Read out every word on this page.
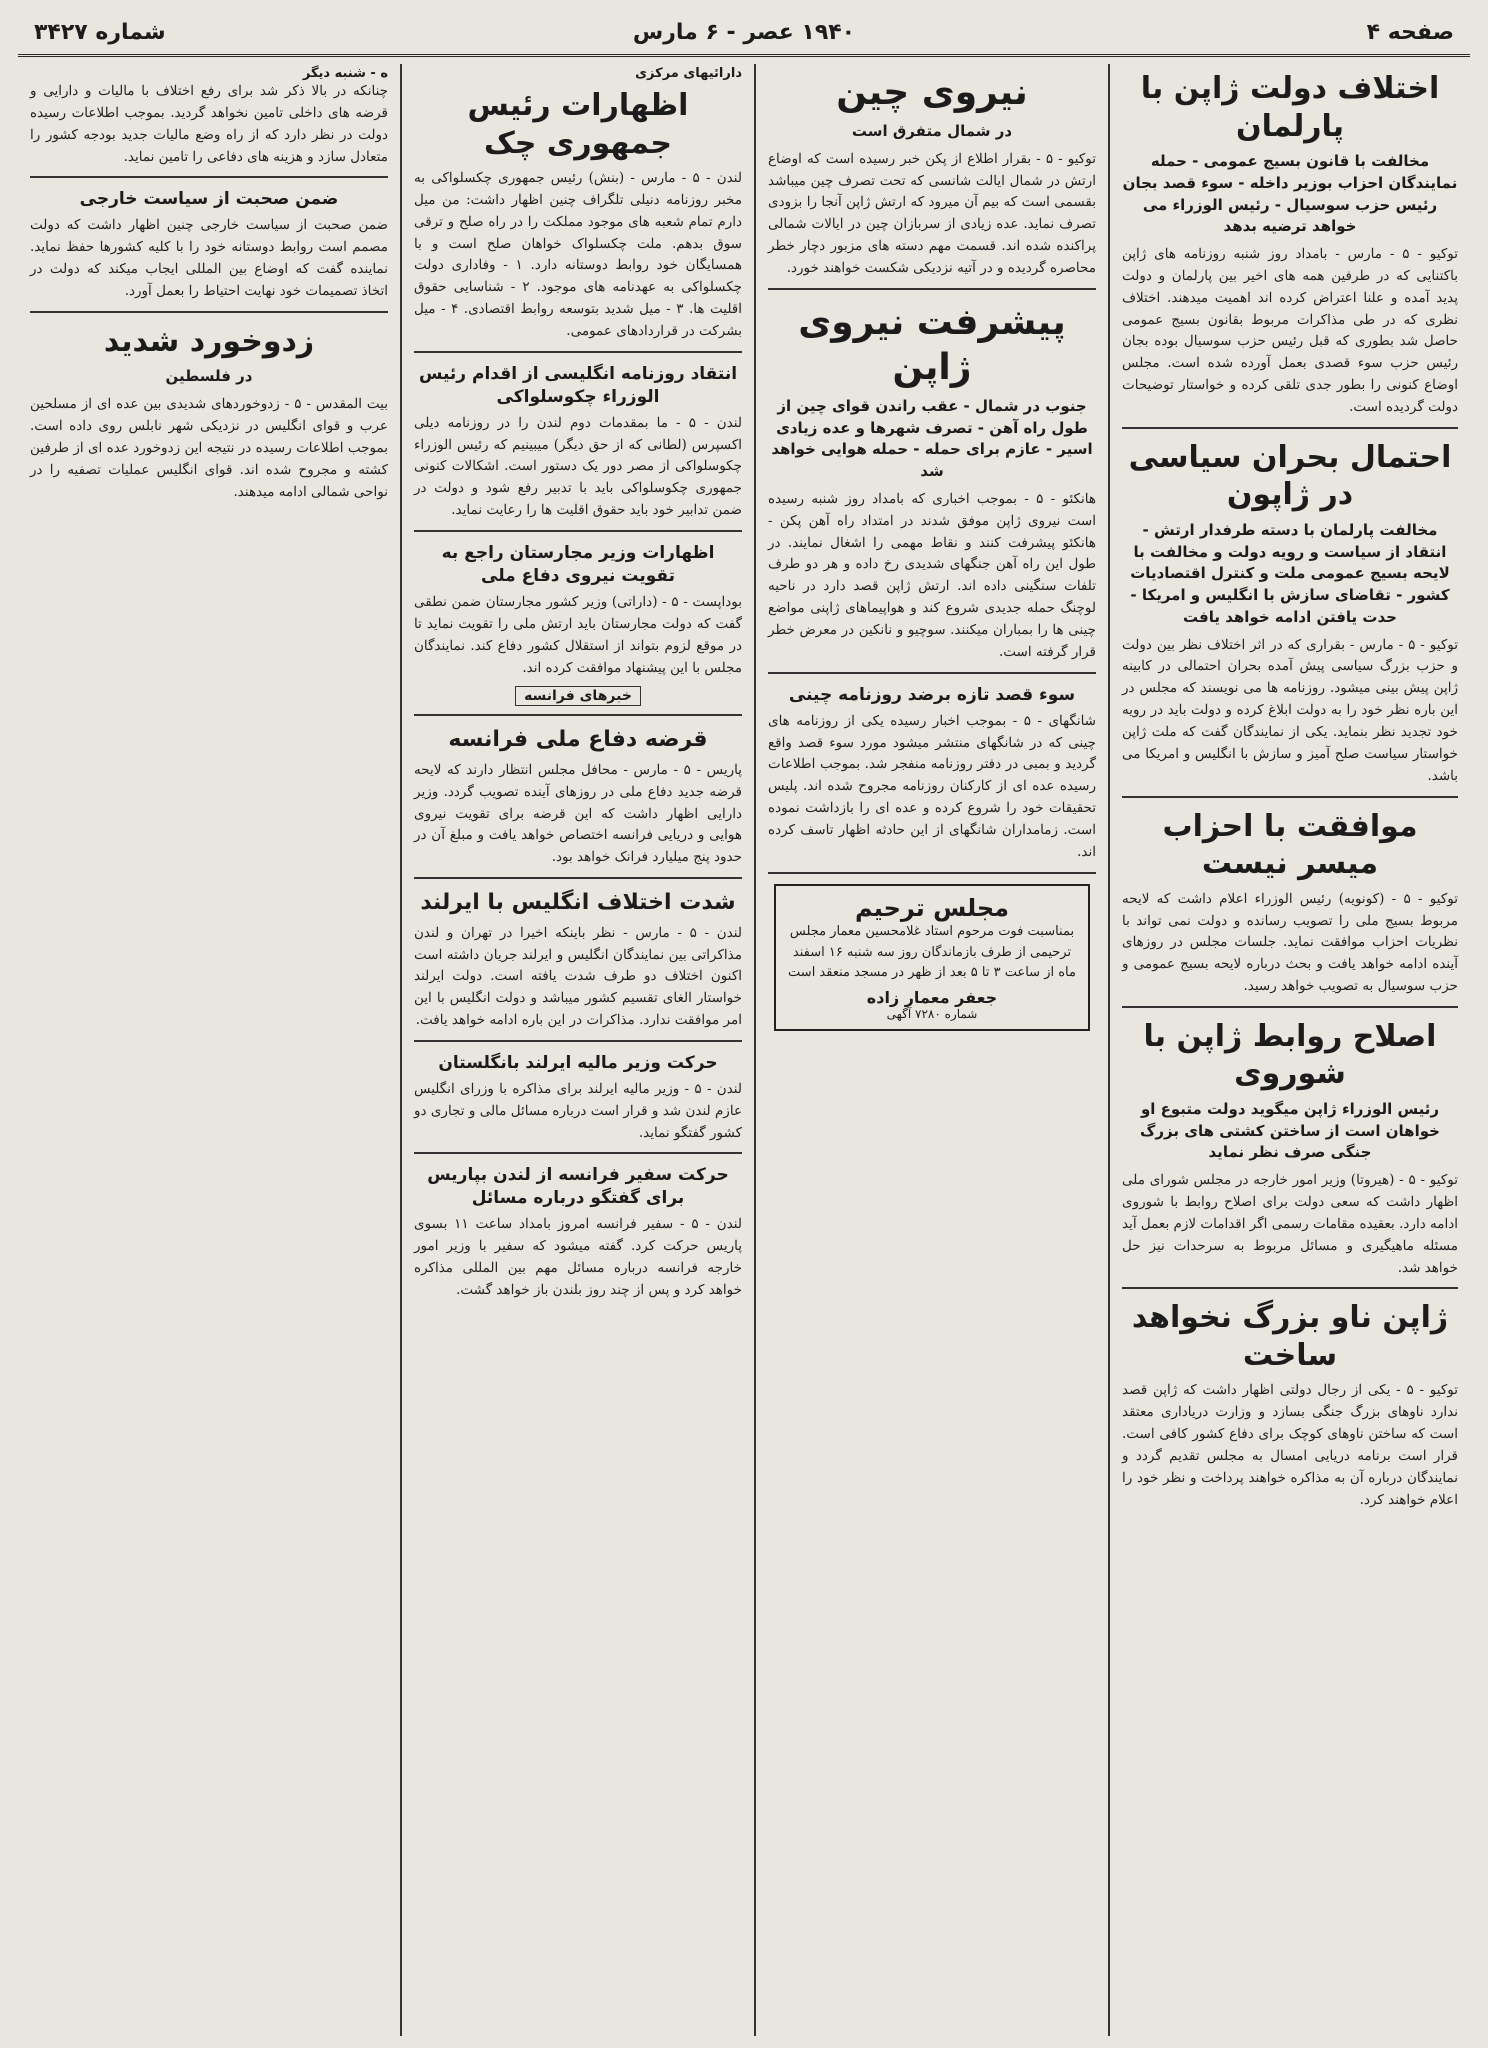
صفحه ۴
۱۹۴۰ عصر - ۶ مارس
شماره ۳۴۲۷
اختلاف دولت ژاپن با پارلمان
مخالفت با قانون بسیج عمومی - حمله نمایندگان احزاب بوزیر داخله - سوء قصد بجان رئیس حزب سوسیال - رئیس الوزراء می خواهد ترضیه بدهد

توکیو - ۵ - مارس - بامداد روز شنبه روزنامه های ژاپن باکتنایی که در طرفین همه های اخیر بین پارلمان و دولت پدید آمده و علنا اعتراض کرده اند اهمیت میدهند. اختلاف نظری که در طی مذاکرات مربوط بقانون بسیج عمومی حاصل شد بطوری که قبل رئیس حزب سوسیال بوده بجان رئیس حزب سوء قصدی بعمل آورده شده است. مجلس اوضاع کنونی را بطور جدی تلقی کرده و خواستار توضیحات دولت گردیده است.

احتمال بحران سیاسی در ژاپون
مخالفت پارلمان با دسته طرفدار ارتش - انتقاد از سیاست و رویه دولت و مخالفت با لایحه بسیج عمومی ملت و کنترل اقتصادیات کشور - تقاضای سازش با انگلیس و امریکا - حدت یافتن ادامه خواهد یافت

توکیو - ۵ - مارس - بقراری که در اثر اختلاف نظر بین دولت و حزب بزرگ سیاسی پیش آمده بحران احتمالی در کابینه ژاپن پیش بینی میشود. روزنامه ها می نویسند که مجلس در این باره نظر خود را به دولت ابلاغ کرده و دولت باید در رویه خود تجدید نظر بنماید. یکی از نمایندگان گفت که ملت ژاپن خواستار سیاست صلح آمیز و سازش با انگلیس و امریکا می باشد.

موافقت با احزاب میسر نیست

توکیو - ۵ - (کونویه) رئیس الوزراء اعلام داشت که لایحه مربوط بسیج ملی را تصویب رسانده و دولت نمی تواند با نظریات احزاب موافقت نماید. جلسات مجلس در روزهای آینده ادامه خواهد یافت و بحث درباره لایحه بسیج عمومی و حزب سوسیال به تصویب خواهد رسید.

اصلاح روابط ژاپن با شوروی
رئیس الوزراء ژاپن میگوید دولت متبوع او خواهان است از ساختن کشتی های بزرگ جنگی صرف نظر نماید

توکیو - ۵ - (هیروتا) وزیر امور خارجه در مجلس شورای ملی اظهار داشت که سعی دولت برای اصلاح روابط با شوروی ادامه دارد. بعقیده مقامات رسمی اگر اقدامات لازم بعمل آید مسئله ماهیگیری و مسائل مربوط به سرحدات نیز حل خواهد شد.

ژاپن ناو بزرگ نخواهد ساخت

توکیو - ۵ - یکی از رجال دولتی اظهار داشت که ژاپن قصد ندارد ناوهای بزرگ جنگی بسازد و وزارت دریاداری معتقد است که ساختن ناوهای کوچک برای دفاع کشور کافی است. قرار است برنامه دریایی امسال به مجلس تقدیم گردد و نمایندگان درباره آن به مذاکره خواهند پرداخت و نظر خود را اعلام خواهند کرد.

نیروی چین
در شمال متفرق است

توکیو - ۵ - بقرار اطلاع از پکن خبر رسیده است که اوضاع ارتش در شمال ایالت شانسی که تحت تصرف چین میباشد بقسمی است که بیم آن میرود که ارتش ژاپن آنجا را بزودی تصرف نماید. عده زیادی از سربازان چین در ایالات شمالی پراکنده شده اند. قسمت مهم دسته های مزبور دچار خطر محاصره گردیده و در آتیه نزدیکی شکست خواهند خورد.

پیشرفت نیروی ژاپن
جنوب در شمال - عقب راندن قوای چین از طول راه آهن - تصرف شهرها و عده زیادی اسیر - عازم برای حمله - حمله هوایی خواهد شد

هانکئو - ۵ - بموجب اخباری که بامداد روز شنبه رسیده است نیروی ژاپن موفق شدند در امتداد راه آهن پکن - هانکئو پیشرفت کنند و نقاط مهمی را اشغال نمایند. در طول این راه آهن جنگهای شدیدی رخ داده و هر دو طرف تلفات سنگینی داده اند. ارتش ژاپن قصد دارد در ناحیه لوچنگ حمله جدیدی شروع کند و هواپیماهای ژاپنی مواضع چینی ها را بمباران میکنند. سوچیو و نانکین در معرض خطر قرار گرفته است.

سوء قصد تازه برضد روزنامه چینی

شانگهای - ۵ - بموجب اخبار رسیده یکی از روزنامه های چینی که در شانگهای منتشر میشود مورد سوء قصد واقع گردید و بمبی در دفتر روزنامه منفجر شد. بموجب اطلاعات رسیده عده ای از کارکنان روزنامه مجروح شده اند. پلیس تحقیقات خود را شروع کرده و عده ای را بازداشت نموده است. زمامداران شانگهای از این حادثه اظهار تاسف کرده اند.

مجلس ترحیم
بمناسبت فوت مرحوم استاد غلامحسین معمار مجلس ترحیمی از طرف بازماندگان روز سه شنبه ۱۶ اسفند ماه از ساعت ۳ تا ۵ بعد از ظهر در مسجد منعقد است
جعفر معمار زاده
شماره ۷۲۸۰ آگهی
دارائیهای مرکزی
اظهارات رئیس جمهوری چک

لندن - ۵ - مارس - (بنش) رئیس جمهوری چکسلواکی به مخبر روزنامه دنیلی تلگراف چنین اظهار داشت: من میل دارم تمام شعبه های موجود مملکت را در راه صلح و ترقی سوق بدهم. ملت چکسلواک خواهان صلح است و با همسایگان خود روابط دوستانه دارد. ۱ - وفاداری دولت چکسلواکی به عهدنامه های موجود. ۲ - شناسایی حقوق اقلیت ها. ۳ - میل شدید بتوسعه روابط اقتصادی. ۴ - میل بشرکت در قراردادهای عمومی.

انتقاد روزنامه انگلیسی از اقدام رئیس الوزراء چکوسلواکی

لندن - ۵ - ما بمقدمات دوم لندن را در روزنامه دیلی اکسپرس (لطانی که از حق دیگر) میبینیم که رئیس الوزراء چکوسلواکی از مصر دور یک دستور است. اشکالات کنونی جمهوری چکوسلواکی باید با تدبیر رفع شود و دولت در ضمن تدابیر خود باید حقوق اقلیت ها را رعایت نماید.

اظهارات وزیر مجارستان راجع به تقویت نیروی دفاع ملی

بوداپست - ۵ - (داراتی) وزیر کشور مجارستان ضمن نطقی گفت که دولت مجارستان باید ارتش ملی را تقویت نماید تا در موقع لزوم بتواند از استقلال کشور دفاع کند. نمایندگان مجلس با این پیشنهاد موافقت کرده اند.

خبرهای فرانسه
قرضه دفاع ملی فرانسه

پاریس - ۵ - مارس - محافل مجلس انتظار دارند که لایحه قرضه جدید دفاع ملی در روزهای آینده تصویب گردد. وزیر دارایی اظهار داشت که این قرضه برای تقویت نیروی هوایی و دریایی فرانسه اختصاص خواهد یافت و مبلغ آن در حدود پنج میلیارد فرانک خواهد بود.

شدت اختلاف انگلیس با ایرلند

لندن - ۵ - مارس - نظر باینکه اخیرا در تهران و لندن مذاکراتی بین نمایندگان انگلیس و ایرلند جریان داشته است اکنون اختلاف دو طرف شدت یافته است. دولت ایرلند خواستار الغای تقسیم کشور میباشد و دولت انگلیس با این امر موافقت ندارد. مذاکرات در این باره ادامه خواهد یافت.

حرکت وزیر مالیه ایرلند بانگلستان

لندن - ۵ - وزیر مالیه ایرلند برای مذاکره با وزرای انگلیس عازم لندن شد و قرار است درباره مسائل مالی و تجاری دو کشور گفتگو نماید.

حرکت سفیر فرانسه از لندن بپاریس برای گفتگو درباره مسائل

لندن - ۵ - سفیر فرانسه امروز بامداد ساعت ۱۱ بسوی پاریس حرکت کرد. گفته میشود که سفیر با وزیر امور خارجه فرانسه درباره مسائل مهم بین المللی مذاکره خواهد کرد و پس از چند روز بلندن باز خواهد گشت.

ه - شنبه دیگر

چنانکه در بالا ذکر شد برای رفع اختلاف با مالیات و دارایی و قرضه های داخلی تامین نخواهد گردید. بموجب اطلاعات رسیده دولت در نظر دارد که از راه وضع مالیات جدید بودجه کشور را متعادل سازد و هزینه های دفاعی را تامین نماید.

ضمن صحبت از سیاست خارجی

ضمن صحبت از سیاست خارجی چنین اظهار داشت که دولت مصمم است روابط دوستانه خود را با کلیه کشورها حفظ نماید. نماینده گفت که اوضاع بین المللی ایجاب میکند که دولت در اتخاذ تصمیمات خود نهایت احتیاط را بعمل آورد.

زدوخورد شدید
در فلسطین

بیت المقدس - ۵ - زدوخوردهای شدیدی بین عده ای از مسلحین عرب و قوای انگلیس در نزدیکی شهر نابلس روی داده است. بموجب اطلاعات رسیده در نتیجه این زدوخورد عده ای از طرفین کشته و مجروح شده اند. قوای انگلیس عملیات تصفیه را در نواحی شمالی ادامه میدهند.
